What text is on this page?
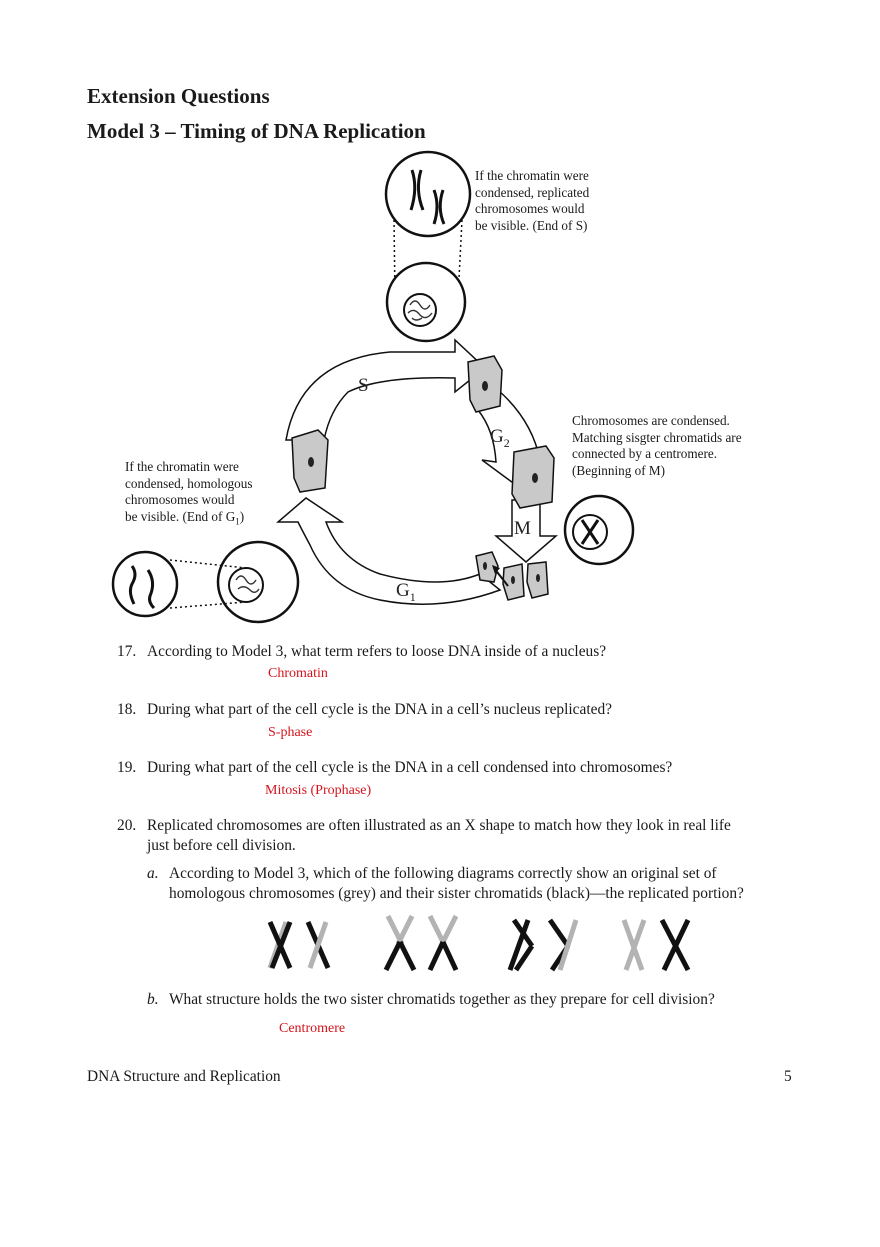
Extension Questions
Model 3 – Timing of DNA Replication
S
$G_2$
M
$G_1$
If the chromatin were
condensed, replicated
chromosomes would
be visible. (End of S)
Chromosomes are condensed.
Matching sisgter chromatids are
connected by a centromere.
(Beginning of M)
If the chromatin were
condensed, homologous
chromosomes would
be visible. (End of $G_1$)
17. According to Model 3, what term refers to loose DNA inside of a nucleus?
Chromatin
18. During what part of the cell cycle is the DNA in a cell’s nucleus replicated?
S-phase
19. During what part of the cell cycle is the DNA in a cell condensed into chromosomes?
Mitosis (Prophase)
20. Replicated chromosomes are often illustrated as an X shape to match how they look in real life
just before cell division.
a. According to Model 3, which of the following diagrams correctly show an original set of
homologous chromosomes (grey) and their sister chromatids (black)—the replicated portion?
b. What structure holds the two sister chromatids together as they prepare for cell division?
Centromere
DNA Structure and Replication	5
